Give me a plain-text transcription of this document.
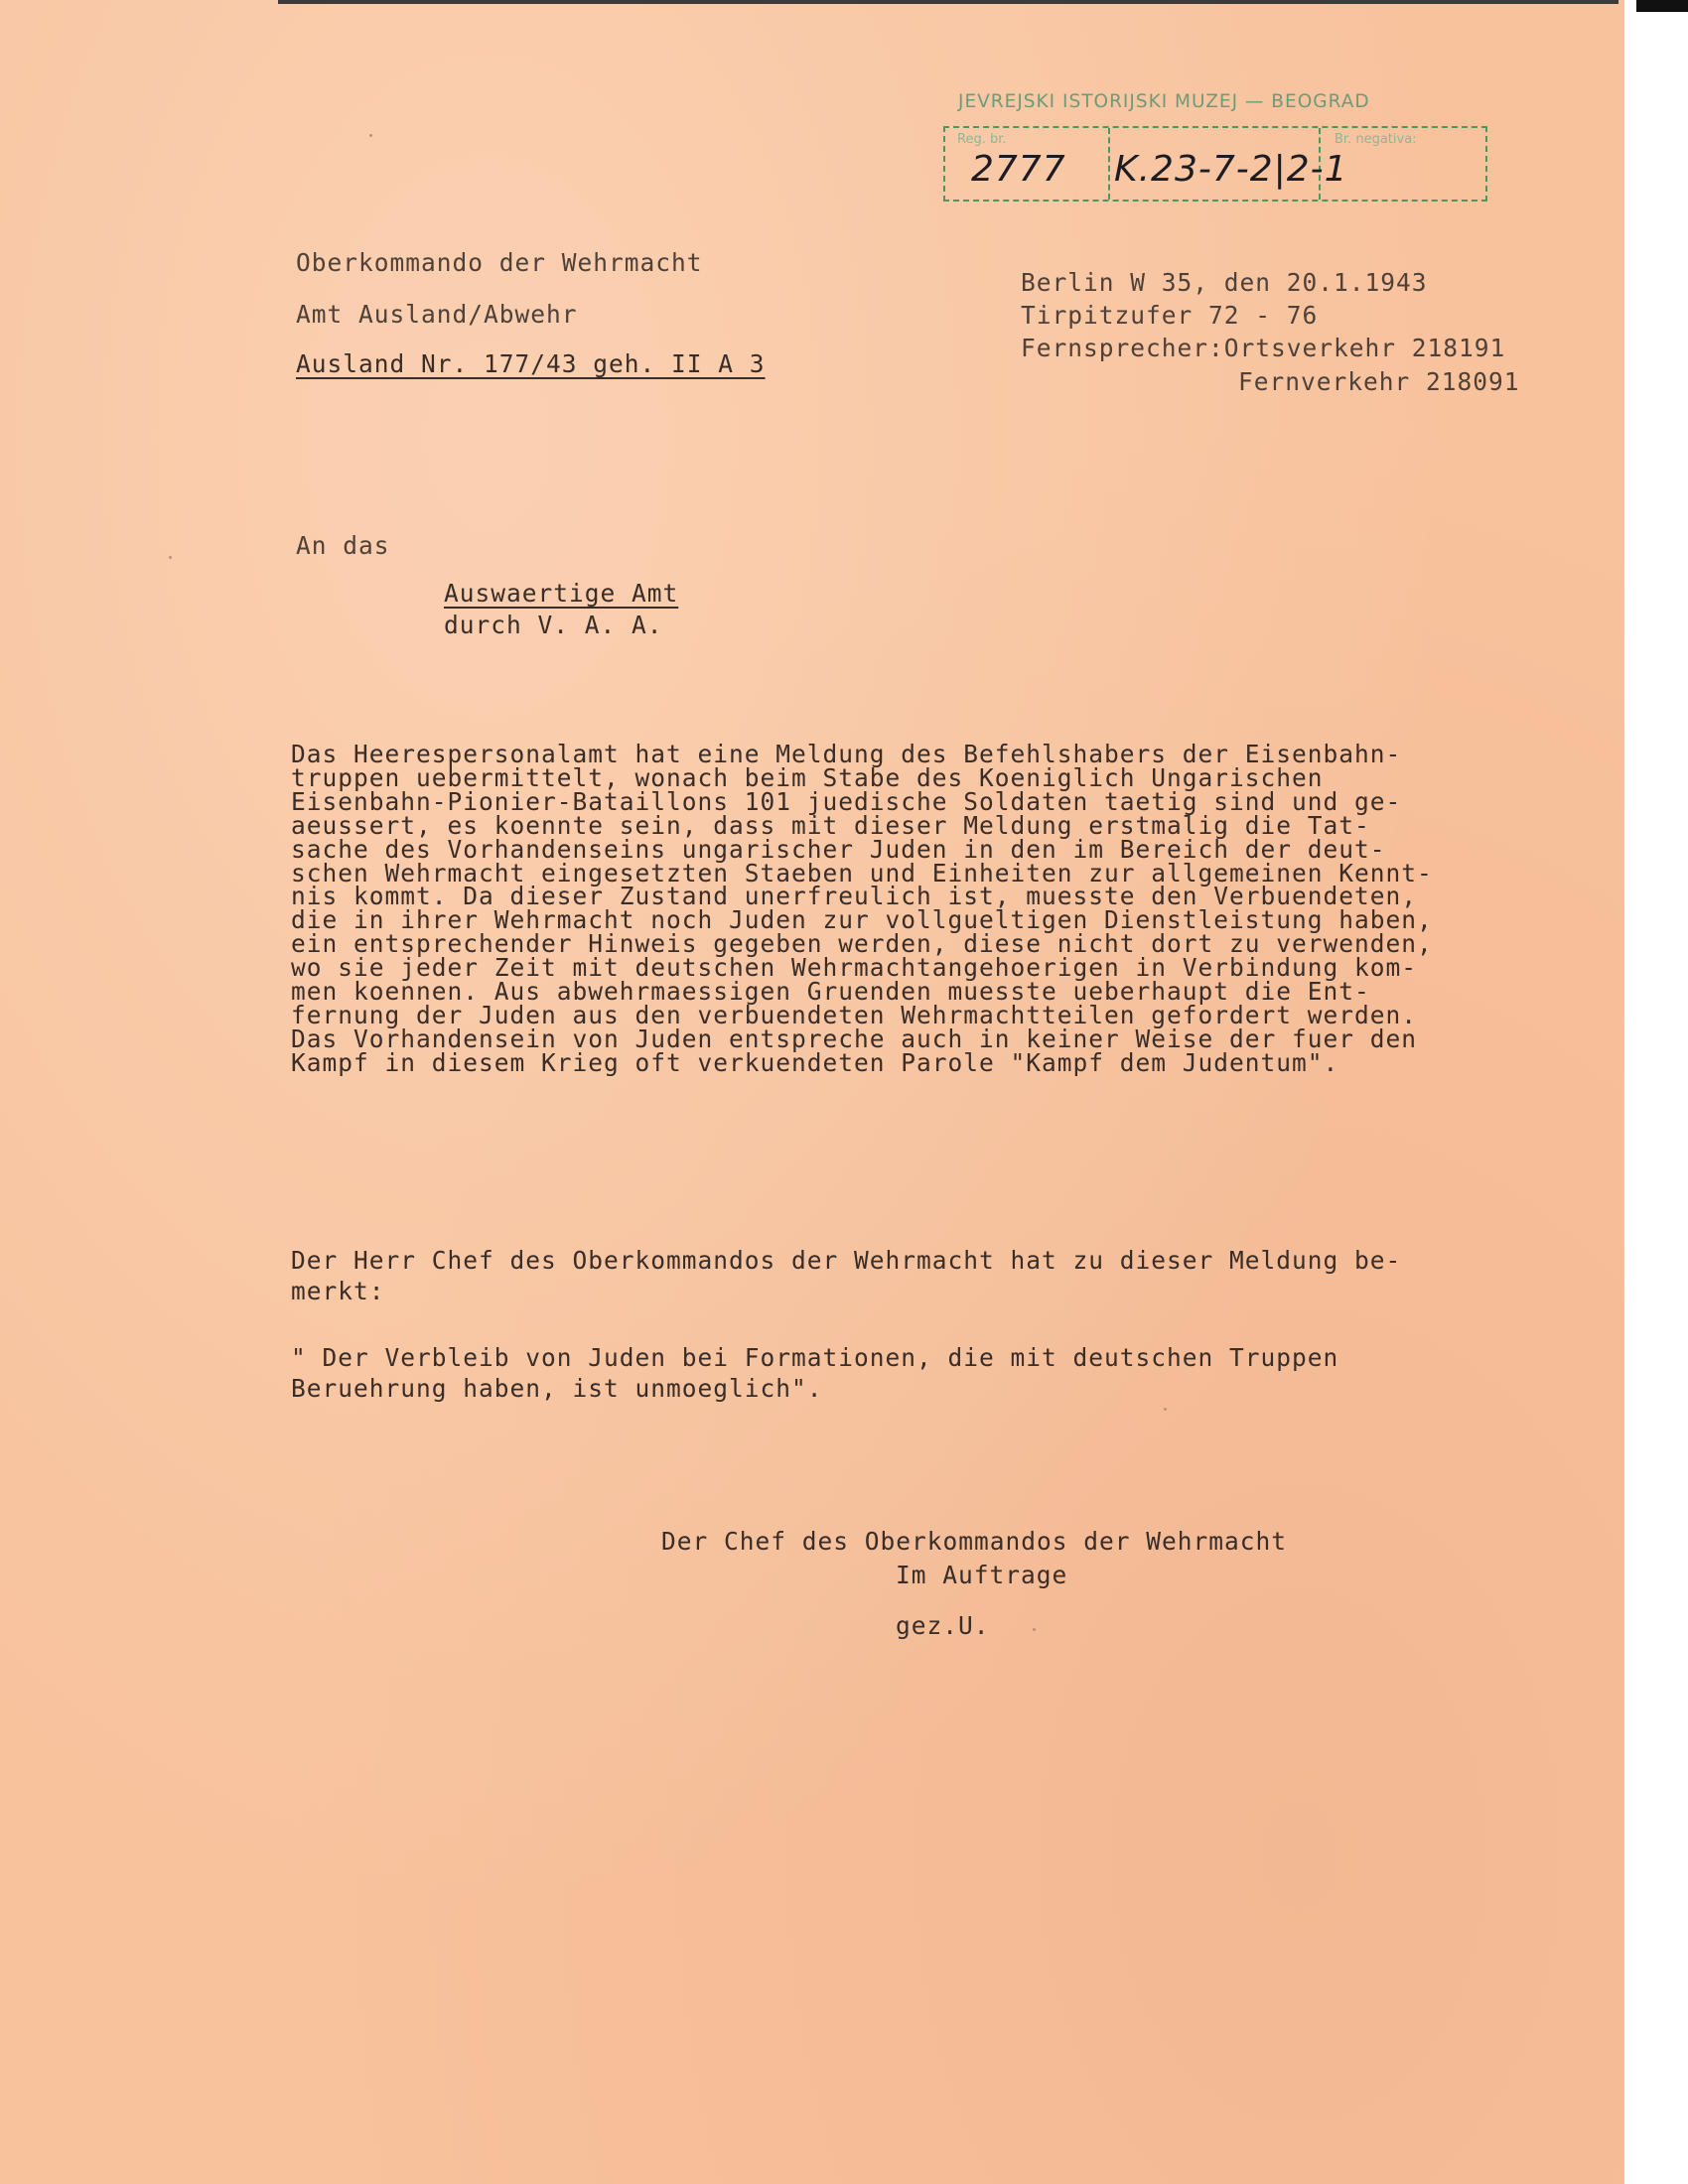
JEVREJSKI ISTORIJSKI MUZEJ — BEOGRAD
Reg. br.	Br. negativa:
2777 K.23-7-2|2-1
Oberkommando der Wehrmacht
Amt Ausland/Abwehr
Ausland Nr. 177/43 geh. II A 3
Berlin W 35, den 20.1.1943
Tirpitzufer 72 - 76
Fernsprecher:Ortsverkehr 218191
Fernverkehr 218091
An das
Auswaertige Amt
durch V. A. A.
Das Heerespersonalamt hat eine Meldung des Befehlshabers der Eisenbahn-
truppen uebermittelt, wonach beim Stabe des Koeniglich Ungarischen
Eisenbahn-Pionier-Bataillons 101 juedische Soldaten taetig sind und ge-
aeussert, es koennte sein, dass mit dieser Meldung erstmalig die Tat-
sache des Vorhandenseins ungarischer Juden in den im Bereich der deut-
schen Wehrmacht eingesetzten Staeben und Einheiten zur allgemeinen Kennt-
nis kommt. Da dieser Zustand unerfreulich ist, muesste den Verbuendeten,
die in ihrer Wehrmacht noch Juden zur vollgueltigen Dienstleistung haben,
ein entsprechender Hinweis gegeben werden, diese nicht dort zu verwenden,
wo sie jeder Zeit mit deutschen Wehrmachtangehoerigen in Verbindung kom-
men koennen. Aus abwehrmaessigen Gruenden muesste ueberhaupt die Ent-
fernung der Juden aus den verbuendeten Wehrmachtteilen gefordert werden.
Das Vorhandensein von Juden entspreche auch in keiner Weise der fuer den
Kampf in diesem Krieg oft verkuendeten Parole "Kampf dem Judentum".
Der Herr Chef des Oberkommandos der Wehrmacht hat zu dieser Meldung be-
merkt:
" Der Verbleib von Juden bei Formationen, die mit deutschen Truppen
Beruehrung haben, ist unmoeglich".
Der Chef des Oberkommandos der Wehrmacht
Im Auftrage
gez.U.
